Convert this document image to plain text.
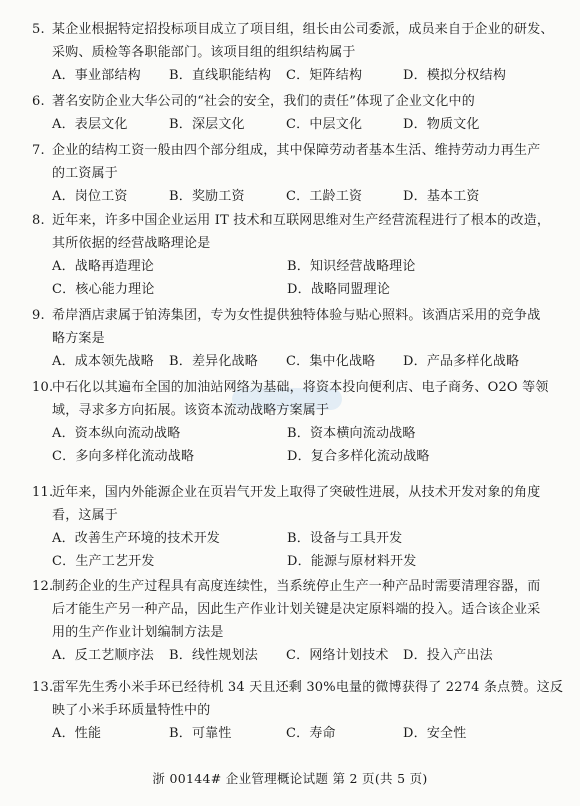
5. 某企业根据特定招投标项目成立了项目组，组长由公司委派，成员来自于企业的研发、
采购、质检等各职能部门。该项目组的组织结构属于
A．事业部结构	B．直线职能结构	C．矩阵结构	D．模拟分权结构
6. 著名安防企业大华公司的“社会的安全，我们的责任”体现了企业文化中的
A．表层文化	B．深层文化	C．中层文化	D．物质文化
7. 企业的结构工资一般由四个部分组成，其中保障劳动者基本生活、维持劳动力再生产
的工资属于
A．岗位工资	B．奖励工资	C．工龄工资	D．基本工资
8. 近年来，许多中国企业运用 IT 技术和互联网思维对生产经营流程进行了根本的改造，
其所依据的经营战略理论是
A．战略再造理论	B．知识经营战略理论
C．核心能力理论	D．战略同盟理论
9. 希岸酒店隶属于铂涛集团，专为女性提供独特体验与贴心照料。该酒店采用的竞争战
略方案是
A．成本领先战略	B．差异化战略	C．集中化战略	D．产品多样化战略
10.中石化以其遍布全国的加油站网络为基础，将资本投向便利店、电子商务、O2O 等领
域，寻求多方向拓展。该资本流动战略方案属于
A．资本纵向流动战略	B．资本横向流动战略
C．多向多样化流动战略	D．复合多样化流动战略
11.近年来，国内外能源企业在页岩气开发上取得了突破性进展，从技术开发对象的角度
看，这属于
A．改善生产环境的技术开发	B．设备与工具开发
C．生产工艺开发	D．能源与原材料开发
12.制药企业的生产过程具有高度连续性，当系统停止生产一种产品时需要清理容器，而
后才能生产另一种产品，因此生产作业计划关键是决定原料端的投入。适合该企业采
用的生产作业计划编制方法是
A．反工艺顺序法	B．线性规划法	C．网络计划技术	D．投入产出法
13.雷军先生秀小米手环已经待机 34 天且还剩 30%电量的微博获得了 2274 条点赞。这反
映了小米手环质量特性中的
A．性能	B．可靠性	C．寿命	D．安全性
浙 00144# 企业管理概论试题 第 2 页(共 5 页)
